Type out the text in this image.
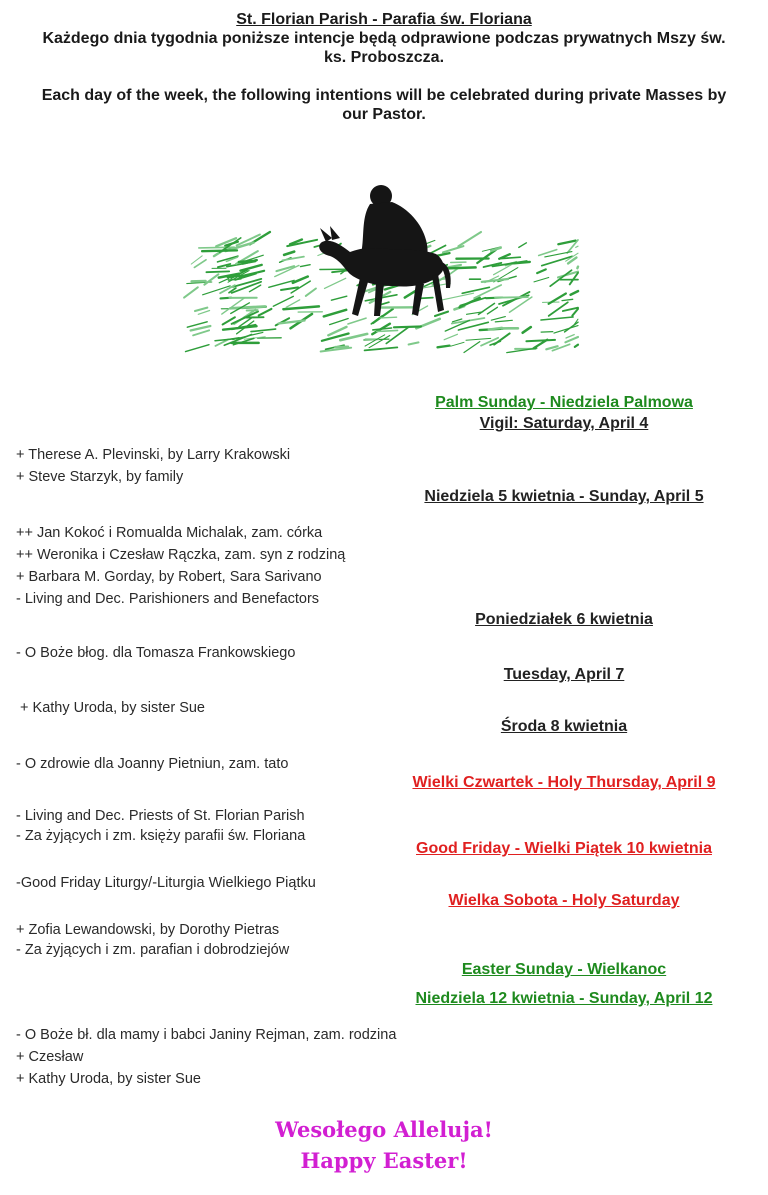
St. Florian Parish - Parafia św. Floriana
Każdego dnia tygodnia poniższe intencje będą odprawione podczas prywatnych Mszy św.
ks. Proboszcza.
Each day of the week, the following intentions will be celebrated during private Masses by
our Pastor.
Palm Sunday - Niedziela Palmowa
Vigil: Saturday, April 4
Niedziela 5 kwietnia - Sunday, April 5
Poniedziałek 6 kwietnia
Tuesday, April 7
Środa 8 kwietnia
Wielki Czwartek - Holy Thursday, April 9
Good Friday - Wielki Piątek 10 kwietnia
Wielka Sobota - Holy Saturday
Easter Sunday - Wielkanoc
Niedziela 12 kwietnia - Sunday, April 12
+ Therese A. Plevinski, by Larry Krakowski
+ Steve Starzyk, by family
++ Jan Kokoć i Romualda Michalak, zam. córka
++ Weronika i Czesław Rączka, zam. syn z rodziną
+ Barbara M. Gorday, by Robert, Sara Sarivano
- Living and Dec. Parishioners and Benefactors
- O Boże błog. dla Tomasza Frankowskiego
+ Kathy Uroda, by sister Sue
- O zdrowie dla Joanny Pietniun, zam. tato
- Living and Dec. Priests of St. Florian Parish
- Za żyjących i zm. księży parafii św. Floriana
-Good Friday Liturgy/-Liturgia Wielkiego Piątku
+ Zofia Lewandowski, by Dorothy Pietras
- Za żyjących i zm. parafian i dobrodziejów
- O Boże bł. dla mamy i babci Janiny Rejman, zam. rodzina
+ Czesław
+ Kathy Uroda, by sister Sue
Wesołego Alleluja!
Happy Easter!
